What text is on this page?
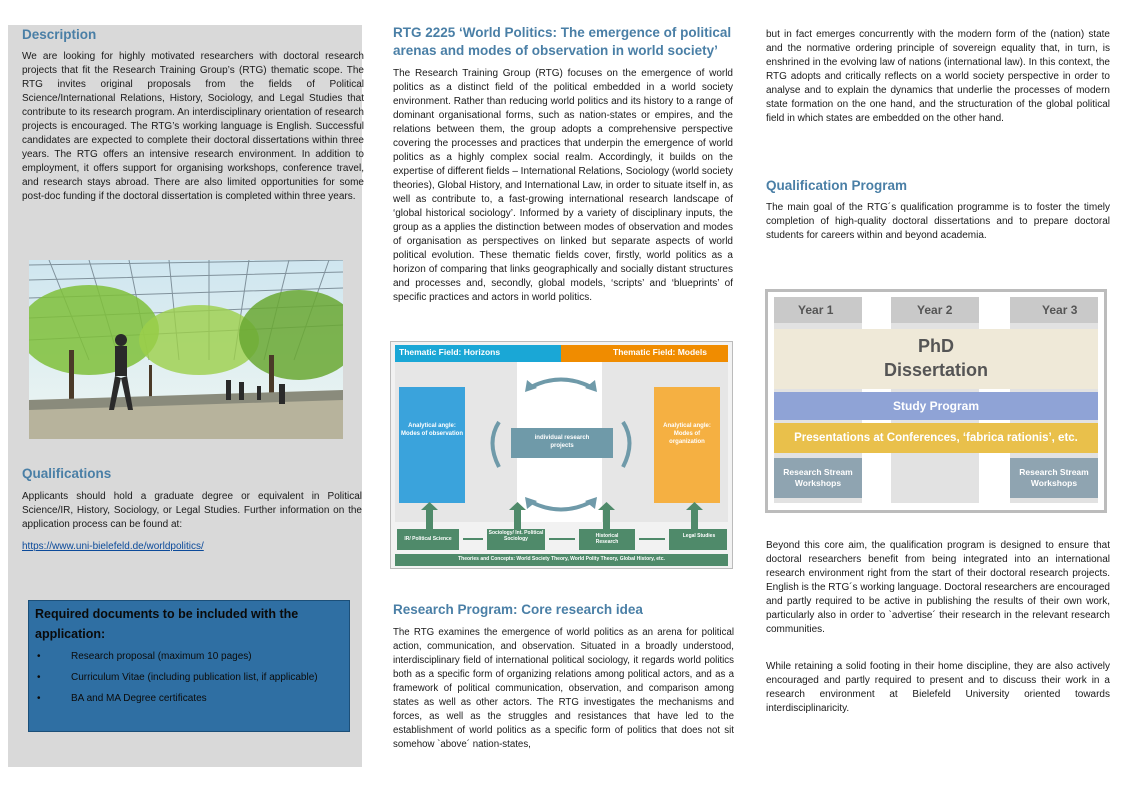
Description

We are looking for highly motivated researchers with doctoral research projects that fit the Research Training Group’s (RTG) thematic scope. The RTG invites original proposals from the fields of Political Science/International Relations, History, Sociology, and Legal Studies that contribute to its research program. An interdisciplinary orientation of research projects is encouraged. The RTG’s working language is English. Successful candidates are expected to complete their doctoral dissertations within three years. The RTG offers an intensive research environment. In addition to employment, it offers support for organising workshops, conference travel, and research stays abroad. There are also limited opportunities for some post-doc funding if the doctoral dissertation is completed within three years.

Qualifications

Applicants should hold a graduate degree or equivalent in Political Science/IR, History, Sociology, or Legal Studies. Further information on the application process can be found at:

https://www.uni-bielefeld.de/worldpolitics/
Required documents to be included with the application:
• Research proposal (maximum 10 pages)
• Curriculum Vitae (including publication list, if applicable)
• BA and MA Degree certificates
RTG 2225 ‘World Politics: The emergence of political arenas and modes of observation in world society’

The Research Training Group (RTG) focuses on the emergence of world politics as a distinct field of the political embedded in a world society environment. Rather than reducing world politics and its history to a range of dominant organisational forms, such as nation-states or empires, and the relations between them, the group adopts a comprehensive perspective covering the processes and practices that underpin the emergence of world politics as a highly complex social realm. Accordingly, it builds on the expertise of different fields – International Relations, Sociology (world society theories), Global History, and International Law, in order to situate itself in, as well as contribute to, a fast-growing international research landscape of ‘global historical sociology’. Informed by a variety of disciplinary inputs, the group as a applies the distinction between modes of observation and modes of organisation as perspectives on linked but separate aspects of world political evolution. These thematic fields cover, firstly, world politics as a horizon of comparing that links geographically and socially distant structures and processes and, secondly, global models, ‘scripts’ and ‘blueprints’ of specific practices and actors in world politics.

Thematic Field: Horizons	Thematic Field: Models
Analytical angle: Modes of observation
Analytical angle: Modes of organization
individual research projects
IR/ Political Science
Sociology/ Int. Political Sociology	Historical Research
Legal Studies
Theories and Concepts: World Society Theory, World Polity Theory, Global History, etc.
Research Program: Core research idea

The RTG examines the emergence of world politics as an arena for political action, communication, and observation. Situated in a broadly understood, interdisciplinary field of international political sociology, it regards world politics both as a specific form of organizing relations among political actors, and as a framework of political communication, observation, and comparison among states as well as other actors. The RTG investigates the mechanisms and forces, as well as the struggles and resistances that have led to the establishment of world politics as a specific form of politics that does not sit somehow `above´ nation-states,

but in fact emerges concurrently with the modern form of the (nation) state and the normative ordering principle of sovereign equality that, in turn, is enshrined in the evolving law of nations (international law). In this context, the RTG adopts and critically reflects on a world society perspective in order to analyse and to explain the dynamics that underlie the processes of modern state formation on the one hand, and the structuration of the global political field in which states are embedded on the other hand.

Qualification Program

The main goal of the RTG´s qualification programme is to foster the timely completion of high-quality doctoral dissertations and to prepare doctoral students for careers within and beyond academia.

Year 1	Year 2	Year 3
PhD Dissertation
Study Program
Presentations at Conferences, ‘fabrica rationis’, etc.
Research Stream Workshops
Research Stream Workshops

Beyond this core aim, the qualification program is designed to ensure that doctoral researchers benefit from being integrated into an international research environment right from the start of their doctoral research projects. English is the RTG´s working language. Doctoral researchers are encouraged and partly required to be active in publishing the results of their own work, particularly also in order to `advertise´ their research in the relevant research communities.

While retaining a solid footing in their home discipline, they are also actively encouraged and partly required to present and to discuss their work in a research environment at Bielefeld University oriented towards interdisciplinaricity.
